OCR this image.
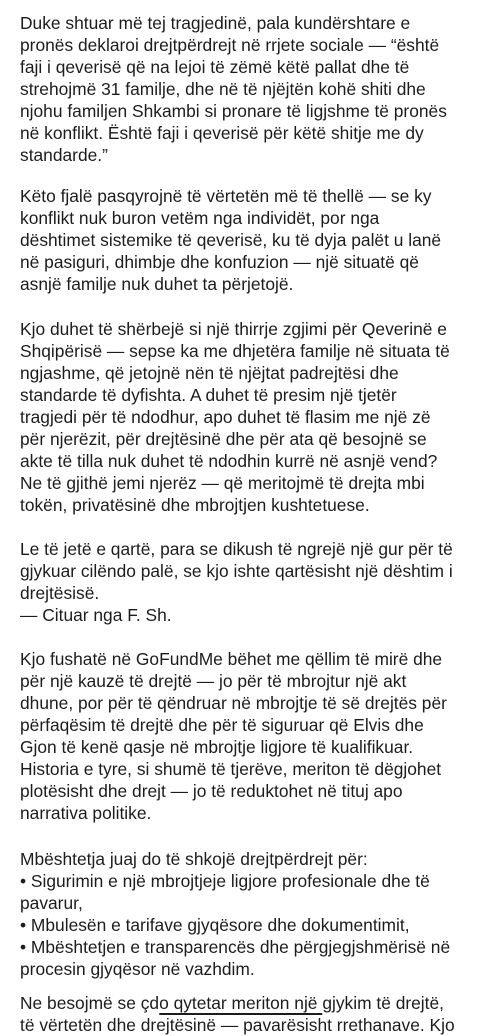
Duke shtuar më tej tragjedinë, pala kundërshtare e
pronës deklaroi drejtpërdrejt në rrjete sociale — “është
faji i qeverisë që na lejoi të zëmë këtë pallat dhe të
strehojmë 31 familje, dhe në të njëjtën kohë shiti dhe
njohu familjen Shkambi si pronare të ligjshme të pronës
në konflikt. Është faji i qeverisë për këtë shitje me dy
standarde.”
Këto fjalë pasqyrojnë të vërtetën më të thellë — se ky
konflikt nuk buron vetëm nga individët, por nga
dështimet sistemike të qeverisë, ku të dyja palët u lanë
në pasiguri, dhimbje dhe konfuzion — një situatë që
asnjë familje nuk duhet ta përjetojë.
Kjo duhet të shërbejë si një thirrje zgjimi për Qeverinë e
Shqipërisë — sepse ka me dhjetëra familje në situata të
ngjashme, që jetojnë nën të njëjtat padrejtësi dhe
standarde të dyfishta. A duhet të presim një tjetër
tragjedi për të ndodhur, apo duhet të flasim me një zë
për njerëzit, për drejtësinë dhe për ata që besojnë se
akte të tilla nuk duhet të ndodhin kurrë në asnjë vend?
Ne të gjithë jemi njerëz — që meritojmë të drejta mbi
tokën, privatësinë dhe mbrojtjen kushtetuese.
Le të jetë e qartë, para se dikush të ngrejë një gur për të
gjykuar cilëndo palë, se kjo ishte qartësisht një dështim i
drejtësisë.
— Cituar nga F. Sh.
Kjo fushatë në GoFundMe bëhet me qëllim të mirë dhe
për një kauzë të drejtë — jo për të mbrojtur një akt
dhune, por për të qëndruar në mbrojtje të së drejtës për
përfaqësim të drejtë dhe për të siguruar që Elvis dhe
Gjon të kenë qasje në mbrojtje ligjore të kualifikuar.
Historia e tyre, si shumë të tjerëve, meriton të dëgjohet
plotësisht dhe drejt — jo të reduktohet në tituj apo
narrativa politike.
Mbështetja juaj do të shkojë drejtpërdrejt për:
• Sigurimin e një mbrojtjeje ligjore profesionale dhe të
pavarur,
• Mbulesën e tarifave gjyqësore dhe dokumentimit,
• Mbështetjen e transparencës dhe përgjegjshmërisë në
procesin gjyqësor në vazhdim.
Ne besojmë se çdo qytetar meriton një gjykim të drejtë,
të vërtetën dhe drejtësinë — pavarësisht rrethanave. Kjo
